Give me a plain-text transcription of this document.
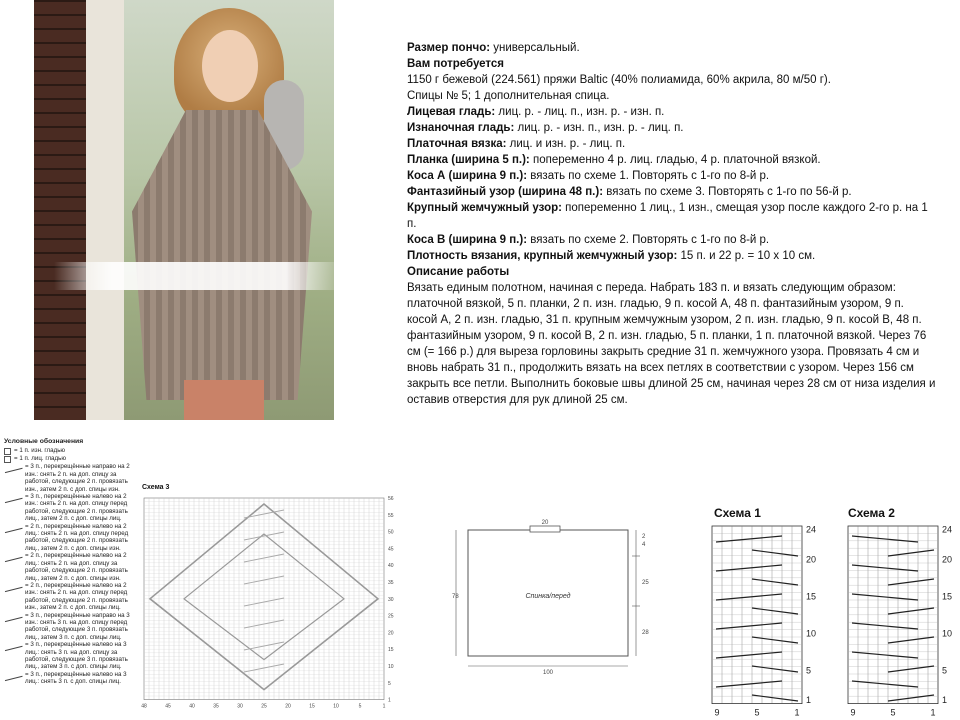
Размер пончо: универсальный.

Вам потребуется

1150 г бежевой (224.561) пряжи Baltic (40% полиамида, 60% акрила, 80 м/50 г).

Спицы № 5; 1 дополнительная спица.

Лицевая гладь: лиц. р. - лиц. п., изн. р. - изн. п.

Изнаночная гладь: лиц. р. - изн. п., изн. р. - лиц. п.

Платочная вязка: лиц. и изн. р. - лиц. п.

Планка (ширина 5 п.): попеременно 4 р. лиц. гладью, 4 р. платочной вязкой.

Коса А (ширина 9 п.): вязать по схеме 1. Повторять с 1-го по 8-й р.

Фантазийный узор (ширина 48 п.): вязать по схеме 3. Повторять с 1-го по 56-й р.

Крупный жемчужный узор: попеременно 1 лиц., 1 изн., смещая узор после каждого 2-го р. на 1 п.

Коса В (ширина 9 п.): вязать по схеме 2. Повторять с 1-го по 8-й р.

Плотность вязания, крупный жемчужный узор: 15 п. и 22 р. = 10 х 10 см.

Описание работы

Вязать единым полотном, начиная с переда. Набрать 183 п. и вязать следующим образом: платочной вязкой, 5 п. планки, 2 п. изн. гладью, 9 п. косой А, 48 п. фантазийным узором, 9 п. косой А, 2 п. изн. гладью, 31 п. крупным жемчужным узором, 2 п. изн. гладью, 9 п. косой В, 48 п. фантазийным узором, 9 п. косой В, 2 п. изн. гладью, 5 п. планки, 1 п. платочной вязкой. Через 76 см (= 166 р.) для выреза горловины закрыть средние 31 п. жемчужного узора. Провязать 4 см и вновь набрать 31 п., продолжить вязать на всех петлях в соответствии с узором. Через 156 см закрыть все петли. Выполнить боковые швы длиной 25 см, начиная через 28 см от низа изделия и оставив отверстия для рук длиной 25 см.

Условные обозначения
= 1 п. изн. гладью
= 1 п. лиц. гладью
= 3 п., перекрещённые направо на 2 изн.: снять 2 п. на доп. спицу за работой, следующие 2 п. провязать изн., затем 2 п. с доп. спицы изн.
= 3 п., перекрещённые налево на 2 изн.: снять 2 п. на доп. спицу перед работой, следующие 2 п. провязать лиц., затем 2 п. с доп. спицы лиц.
= 2 п., перекрещённые налево на 2 лиц.: снять 2 п. на доп. спицу перед работой, следующие 2 п. провязать лиц., затем 2 п. с доп. спицы изн.
= 2 п., перекрещённые налево на 2 лиц.: снять 2 п. на доп. спицу за работой, следующие 2 п. провязать лиц., затем 2 п. с доп. спицы изн.
= 2 п., перекрещённые налево на 2 изн.: снять 2 п. на доп. спицу перед работой, следующие 2 п. провязать изн., затем 2 п. с доп. спицы лиц.
= 3 п., перекрещённые направо на 3 изн.: снять 3 п. на доп. спицу перед работой, следующие 3 п. провязать лиц., затем 3 п. с доп. спицы лиц.
= 3 п., перекрещённые налево на 3 лиц.: снять 3 п. на доп. спицу за работой, следующие 3 п. провязать лиц., затем 3 п. с доп. спицы лиц.
= 3 п., перекрещённые налево на 3 лиц.: снять 3 п. с доп. спицы лиц.
Схема 3
56
55
50
45
40
35
30
25
20
15
10
5
1
48	45	40	35	30	25	20	15	10	5	1
20
2
4
25
28
78
100
Спинка/перед
Схема 1	Схема 2
24
20
15
10
5
1
9	5	1
24
20
15
10
5
1
9	5	1
